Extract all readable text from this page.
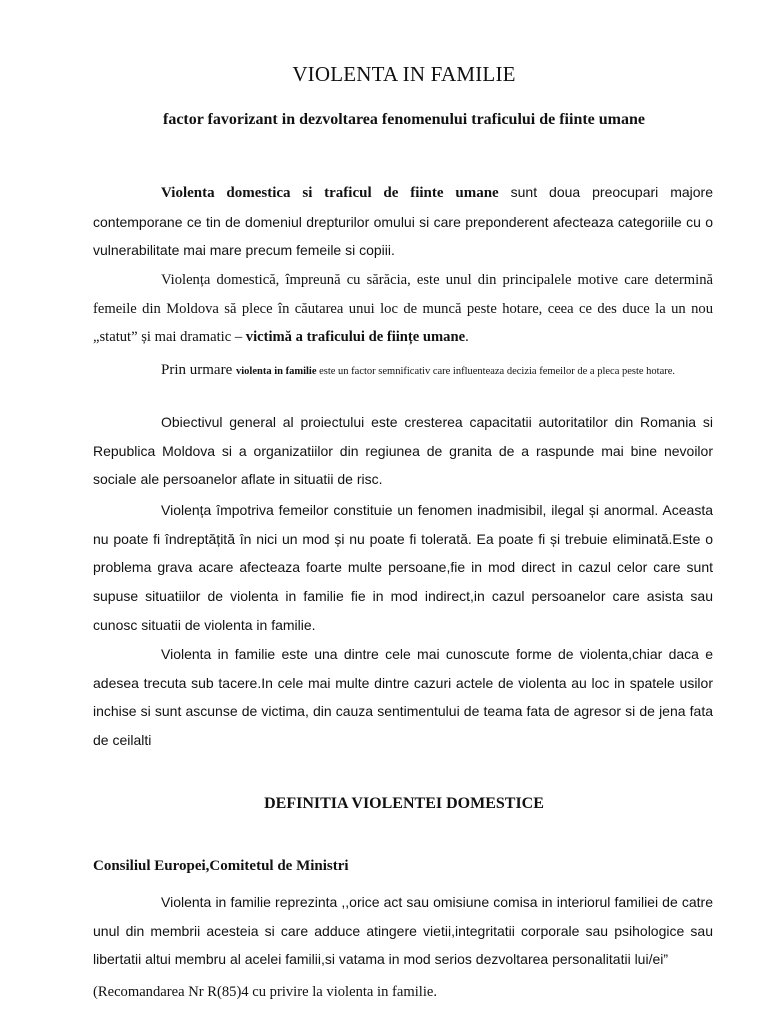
VIOLENTA IN FAMILIE
factor favorizant in dezvoltarea fenomenului traficului de fiinte umane
Violenta domestica si traficul de fiinte umane sunt doua preocupari majore contemporane ce tin de domeniul drepturilor omului si care preponderent afecteaza categoriile cu o vulnerabilitate mai mare precum femeile si copiii.
Violența domestică, împreună cu sărăcia, este unul din principalele motive care determină femeile din Moldova să plece în căutarea unui loc de muncă peste hotare, ceea ce des duce la un nou „statut” și mai dramatic – victimă a traficului de ființe umane.
Prin urmare violenta in familie este un factor semnificativ care influenteaza decizia femeilor de a pleca peste hotare.
Obiectivul general al proiectului este cresterea capacitatii autoritatilor din Romania si Republica Moldova si a organizatiilor din regiunea de granita de a raspunde mai bine nevoilor sociale ale persoanelor aflate in situatii de risc.
Violența împotriva femeilor constituie un fenomen inadmisibil, ilegal și anormal. Aceasta nu poate fi îndreptățită în nici un mod și nu poate fi tolerată. Ea poate fi și trebuie eliminată.Este o problema grava acare afecteaza foarte multe persoane,fie in mod direct in cazul celor care sunt supuse situatiilor de violenta in familie fie in mod indirect,in cazul persoanelor care asista sau cunosc situatii de violenta in familie.
Violenta in familie este una dintre cele mai cunoscute forme de violenta,chiar daca e adesea trecuta sub tacere.In cele mai multe dintre cazuri actele de violenta au loc in spatele usilor inchise si sunt ascunse de victima, din cauza sentimentului de teama fata de agresor si de jena fata de ceilalti
DEFINITIA VIOLENTEI DOMESTICE
Consiliul Europei,Comitetul de Ministri
Violenta in familie reprezinta ,,orice act sau omisiune comisa in interiorul familiei de catre unul din membrii acesteia si care adduce atingere vietii,integritatii corporale sau psihologice sau libertatii altui membru al acelei familii,si vatama in mod serios dezvoltarea personalitatii lui/ei”
(Recomandarea Nr R(85)4 cu privire la violenta in familie.
